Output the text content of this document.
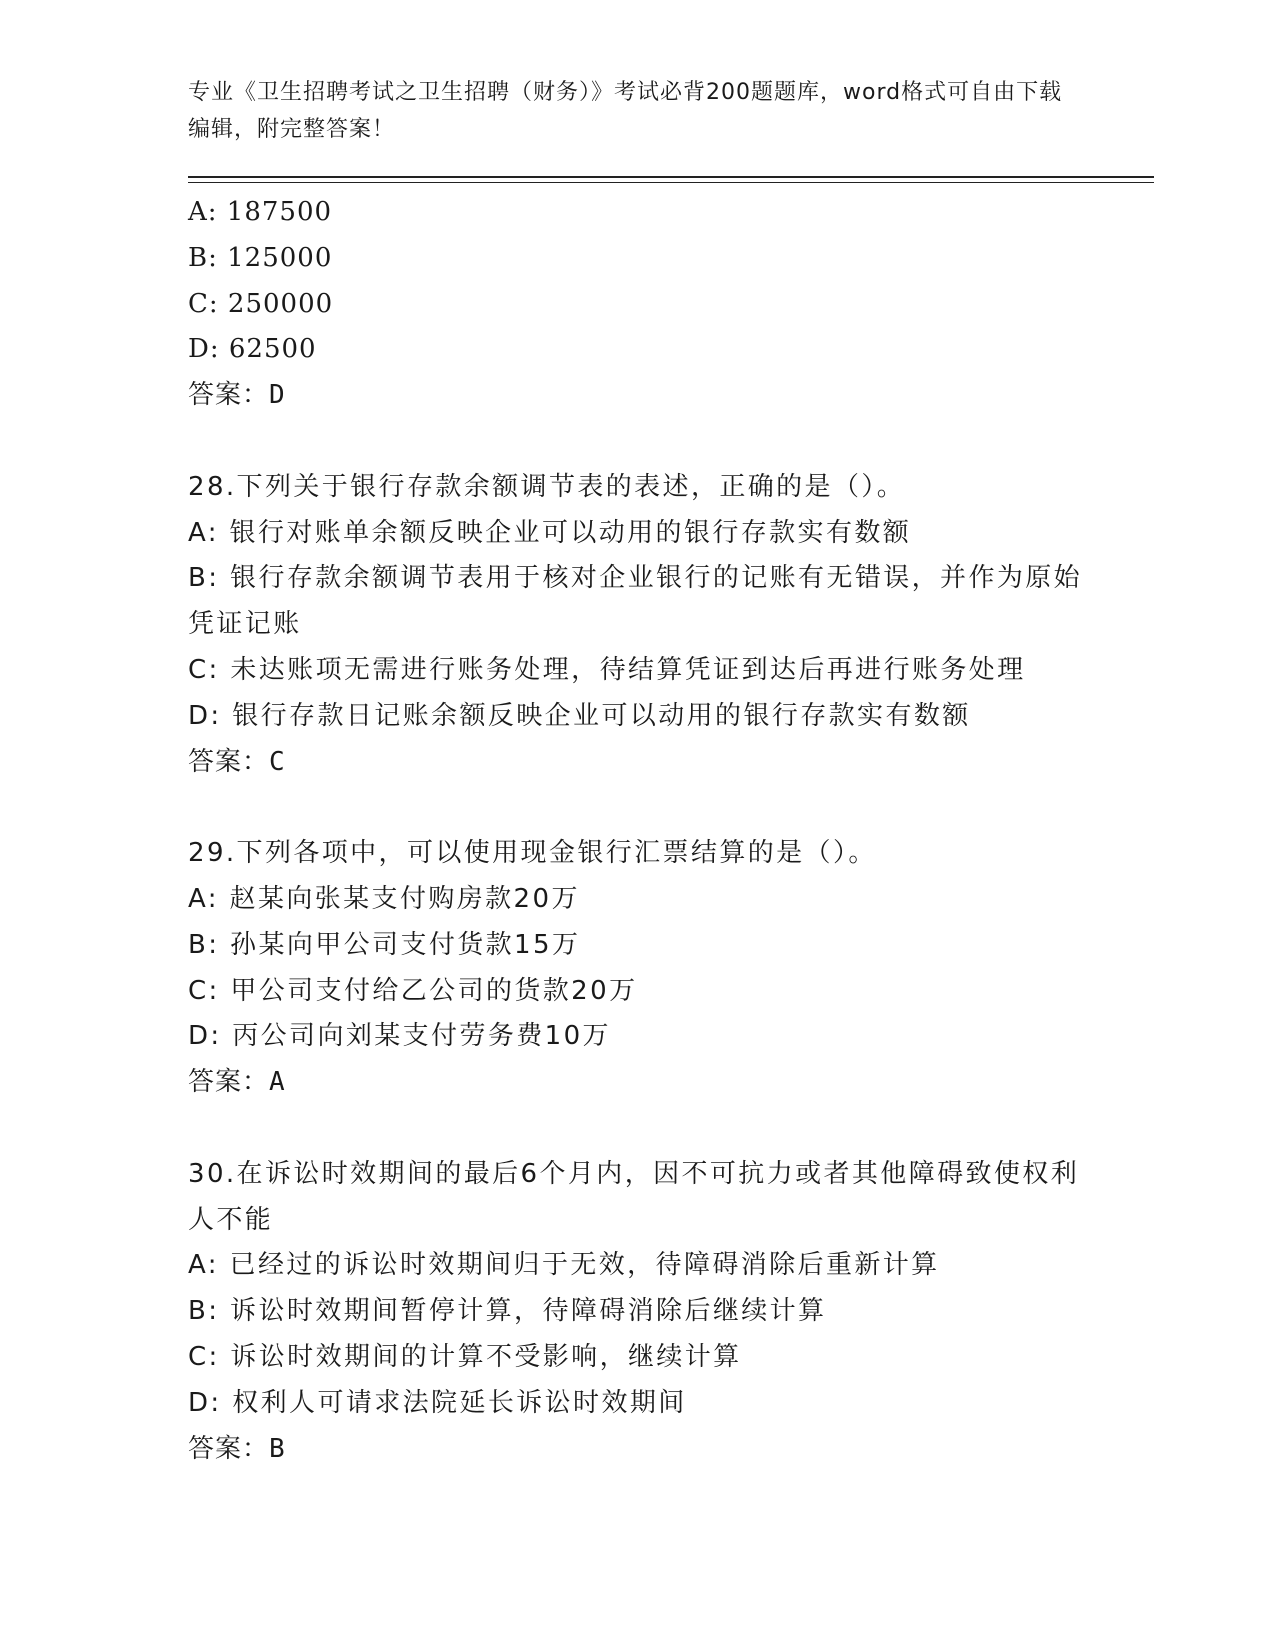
专业《卫生招聘考试之卫生招聘（财务）》考试必背200题题库，word格式可自由下载编辑，附完整答案！
A: 187500
B: 125000
C: 250000
D: 62500
答案：D
28.下列关于银行存款余额调节表的表述，正确的是（）。
A: 银行对账单余额反映企业可以动用的银行存款实有数额
B: 银行存款余额调节表用于核对企业银行的记账有无错误，并作为原始凭证记账
C: 未达账项无需进行账务处理，待结算凭证到达后再进行账务处理
D: 银行存款日记账余额反映企业可以动用的银行存款实有数额
答案：C
29.下列各项中，可以使用现金银行汇票结算的是（）。
A: 赵某向张某支付购房款20万
B: 孙某向甲公司支付货款15万
C: 甲公司支付给乙公司的货款20万
D: 丙公司向刘某支付劳务费10万
答案：A
30.在诉讼时效期间的最后6个月内，因不可抗力或者其他障碍致使权利人不能
A: 已经过的诉讼时效期间归于无效，待障碍消除后重新计算
B: 诉讼时效期间暂停计算，待障碍消除后继续计算
C: 诉讼时效期间的计算不受影响，继续计算
D: 权利人可请求法院延长诉讼时效期间
答案：B
